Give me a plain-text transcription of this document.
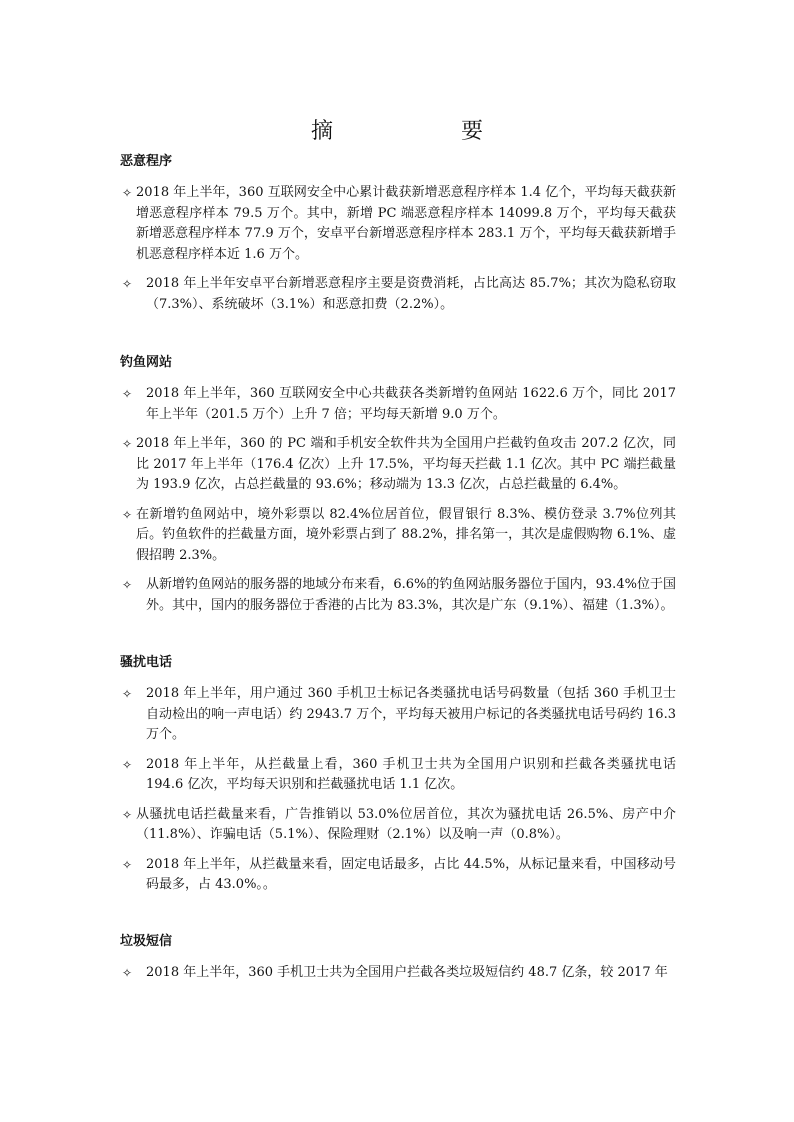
摘　　要
恶意程序
✧ 2018 年上半年，360 互联网安全中心累计截获新增恶意程序样本 1.4 亿个，平均每天截获新增恶意程序样本 79.5 万个。其中，新增 PC 端恶意程序样本 14099.8 万个，平均每天截获新增恶意程序样本 77.9 万个，安卓平台新增恶意程序样本 283.1 万个，平均每天截获新增手机恶意程序样本近 1.6 万个。
✧ 2018 年上半年安卓平台新增恶意程序主要是资费消耗，占比高达 85.7%；其次为隐私窃取（7.3%）、系统破坏（3.1%）和恶意扣费（2.2%）。
钓鱼网站
✧ 2018 年上半年，360 互联网安全中心共截获各类新增钓鱼网站 1622.6 万个，同比 2017 年上半年（201.5 万个）上升 7 倍；平均每天新增 9.0 万个。
✧ 2018 年上半年，360 的 PC 端和手机安全软件共为全国用户拦截钓鱼攻击 207.2 亿次，同比 2017 年上半年（176.4 亿次）上升 17.5%，平均每天拦截 1.1 亿次。其中 PC 端拦截量为 193.9 亿次，占总拦截量的 93.6%；移动端为 13.3 亿次，占总拦截量的 6.4%。
✧ 在新增钓鱼网站中，境外彩票以 82.4%位居首位，假冒银行 8.3%、模仿登录 3.7%位列其后。钓鱼软件的拦截量方面，境外彩票占到了 88.2%，排名第一，其次是虚假购物 6.1%、虚假招聘 2.3%。
✧ 从新增钓鱼网站的服务器的地域分布来看，6.6%的钓鱼网站服务器位于国内，93.4%位于国外。其中，国内的服务器位于香港的占比为 83.3%，其次是广东（9.1%）、福建（1.3%）。
骚扰电话
✧ 2018 年上半年，用户通过 360 手机卫士标记各类骚扰电话号码数量（包括 360 手机卫士自动检出的响一声电话）约 2943.7 万个，平均每天被用户标记的各类骚扰电话号码约 16.3 万个。
✧ 2018 年上半年，从拦截量上看，360 手机卫士共为全国用户识别和拦截各类骚扰电话 194.6 亿次，平均每天识别和拦截骚扰电话 1.1 亿次。
✧ 从骚扰电话拦截量来看，广告推销以 53.0%位居首位，其次为骚扰电话 26.5%、房产中介（11.8%）、诈骗电话（5.1%）、保险理财（2.1%）以及响一声（0.8%）。
✧ 2018 年上半年，从拦截量来看，固定电话最多，占比 44.5%，从标记量来看，中国移动号码最多，占 43.0%。。
垃圾短信
✧ 2018 年上半年，360 手机卫士共为全国用户拦截各类垃圾短信约 48.7 亿条，较 2017 年
